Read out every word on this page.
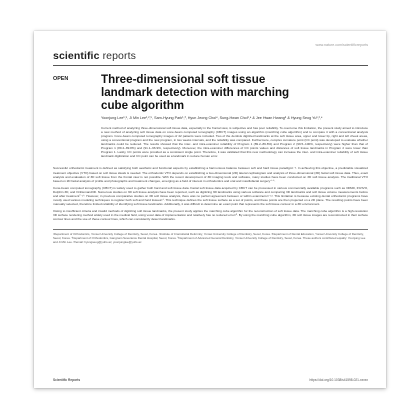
www.nature.com/scientificreports
scientific reports
OPEN	Three-dimensional soft tissue landmark detection with marching cube algorithm
Yoonjung Lee¹,⁵, Ji Min Lee¹,²,⁵, Sam-Hyung Park¹,³, Hyun Jeong Choi⁴, Sung-Hwan Choi¹,⁴ & Jee Hwan Hwang⁵ & Hyung Seog Yu¹,²,⁴

Current method of analyzing three-dimensional soft tissue data, especially in the frontal view, is subjective and has poor reliability. To overcome this limitation, the present study aimed to introduce a new method of analyzing soft tissue data on cone-beam computed tomography (CBCT) images using an algorithm (marching cube algorithm) and to compare it with a conventional analysis program. Cone-beam computed tomography images of 42 patients were included. Two of the dentists digitized landmarks at the soft tissue area, upper and lower lip, right and left cheek areas, using a conventional program and the new program, in two weeks intervals, and the reliability was compared. Furthermore, complex curvature point (CC point) was developed to evaluate whether landmarks could be reduced. The results showed that the inter- and intra-examiner reliability of Program 1 (89.2–89.8%) and Program 2 (99.5–100%, respectively) were higher than that of Program 1 (89.2–89.8%) and (91.1–96.9%, respectively). Moreover, the intra-examiner differences of CC points values and distances of soft tissue landmarks in Program 2 were lower than Program 1. Lastly, CC points were provided as a consistent single point. Therefore, it was validated that this new methodology can increase the inter- and intra-examiner reliability of soft tissue landmark digitization and CC point can be used as a landmark in reduce human error.

Successful orthodontic treatment is defined as satisfying both aesthetic and functional aspects by establishing a harmonious balance between soft and hard tissue paradigm¹⁻³. In achieving this objective, a predictable visualized treatment objective (VTO) based on soft tissue ideals is needed. The orthodontic VTO depends on establishing a two-dimensional (2D) lateral cephalogram and analysis of three-dimensional (3D) facial soft tissue data. Thus, exact analysis and evaluation of 3D soft tissue from the frontal view is not possible. With the recent development of 3D imaging tools and software, many studies have been conducted on 3D soft tissue analysis. The traditional VTO based on 2D facial analysis of profile and photographs and treatment changes, emerging as a field of interest in orthodontics and oral and maxillofacial surgery⁴⁻⁶.

Cone-beam computed tomography (CBCT) is widely used to gather both hard and soft tissue data. Facial soft tissue data acquired by CBCT can be processed in various commercially available programs such as 3DMD, INVIVO, Dolphin 3D, and OnDemand3D. Numerous studies on 3D soft tissue analysis have been reported, such as digitizing 3D landmarks using various software and comparing 3D landmarks and soft tissue volume measurements before and after treatment⁷⁻¹⁰. However, in previous comparative studies on 3D soft tissue analysis, there was no perfect agreement between or within examiners¹¹⁻¹³. This limitation is because existing dental orthodontic programs have mostly used various modeling techniques to register both soft and hard tissues¹⁴. This technique defines the soft tissue surface as a set of points, and these points are then projected on a 2D plane. The resulting points have been manually selected, therefore limited reliability of identifying soft tissue landmarks. Additionally, it was difficult to determine an exact point that represents the soft tissue contour in a 3D environment.

Owing to insufficient criteria and invalid methods of digitizing soft tissue landmarks, the present study applies the marching cube algorithm for the reconstruction of soft tissue data. The marching cube algorithm is a high-resolution 3D surface rendering method widely used in the medical field, using voxel data of implementation and relatively has no reduced error¹⁵. By using the marching cube algorithm, 3D soft tissue images are reconstructed in their surface contour lines and the use of these contour lines, which can consistently detect landmarks.

¹Department of Orthodontics, Yonsei University College of Dentistry, Seoul, Korea. ²Institute of Craniofacial Deformity, Yonsei University College of Dentistry, Seoul, Korea. ³Department of Dental Education, Yonsei University College of Dentistry, Seoul, Korea. ⁴Department of Orthodontics, Gangnam Severance Dental Hospital, Seoul, Korea. ⁵Department of Advanced General Dentistry, Yonsei University College of Dentistry, Seoul, Korea. These authors contributed equally: Yoonjung Lee and Ji Min Lee. ✉email: hyungseog@yuhs.ac; yoonjunglee@yuhs.ac

Scientific Reports	https://doi.org/10.1038/s41598-021-xxxxx
